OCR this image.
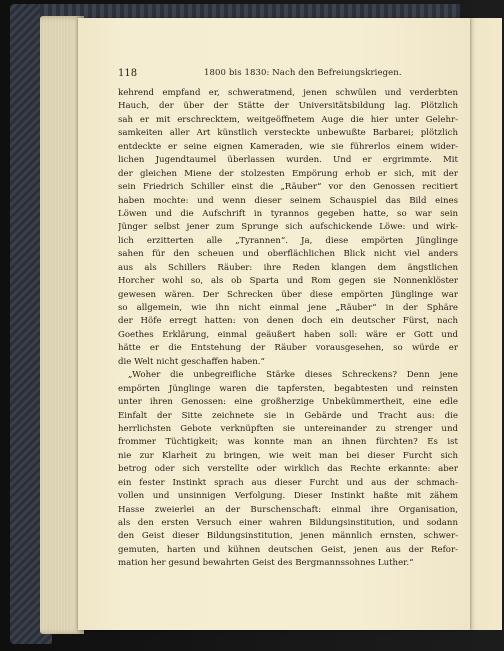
118	1800 bis 1830: Nach den Befreiungskriegen.
kehrend empfand er, schweratmend, jenen schwülen und verderbten
Hauch, der über der Stätte der Universitätsbildung lag. Plötzlich
sah er mit erschrecktem, weitgeöffnetem Auge die hier unter Gelehr-
samkeiten aller Art künstlich versteckte unbewußte Barbarei; plötzlich
entdeckte er seine eignen Kameraden, wie sie führerlos einem wider-
lichen Jugendtaumel überlassen wurden. Und er ergrimmte. Mit
der gleichen Miene der stolzesten Empörung erhob er sich, mit der
sein Friedrich Schiller einst die „Räuber“ vor den Genossen recitiert
haben mochte: und wenn dieser seinem Schauspiel das Bild eines
Löwen und die Aufschrift in tyrannos gegeben hatte, so war sein
Jünger selbst jener zum Sprunge sich aufschickende Löwe: und wirk-
lich erzitterten alle „Tyrannen“. Ja, diese empörten Jünglinge
sahen für den scheuen und oberflächlichen Blick nicht viel anders
aus als Schillers Räuber: ihre Reden klangen dem ängstlichen
Horcher wohl so, als ob Sparta und Rom gegen sie Nonnenklöster
gewesen wären. Der Schrecken über diese empörten Jünglinge war
so allgemein, wie ihn nicht einmal jene „Räuber“ in der Sphäre
der Höfe erregt hatten: von denen doch ein deutscher Fürst, nach
Goethes Erklärung, einmal geäußert haben soll: wäre er Gott und
hätte er die Entstehung der Räuber vorausgesehen, so würde er
die Welt nicht geschaffen haben.“
„Woher die unbegreifliche Stärke dieses Schreckens? Denn jene
empörten Jünglinge waren die tapfersten, begabtesten und reinsten
unter ihren Genossen: eine großherzige Unbekümmertheit, eine edle
Einfalt der Sitte zeichnete sie in Gebärde und Tracht aus: die
herrlichsten Gebote verknüpften sie untereinander zu strenger und
frommer Tüchtigkeit; was konnte man an ihnen fürchten? Es ist
nie zur Klarheit zu bringen, wie weit man bei dieser Furcht sich
betrog oder sich verstellte oder wirklich das Rechte erkannte: aber
ein fester Instinkt sprach aus dieser Furcht und aus der schmach-
vollen und unsinnigen Verfolgung. Dieser Instinkt haßte mit zähem
Hasse zweierlei an der Burschenschaft: einmal ihre Organisation,
als den ersten Versuch einer wahren Bildungsinstitution, und sodann
den Geist dieser Bildungsinstitution, jenen männlich ernsten, schwer-
gemuten, harten und kühnen deutschen Geist, jenen aus der Refor-
mation her gesund bewahrten Geist des Bergmannssohnes Luther.“
